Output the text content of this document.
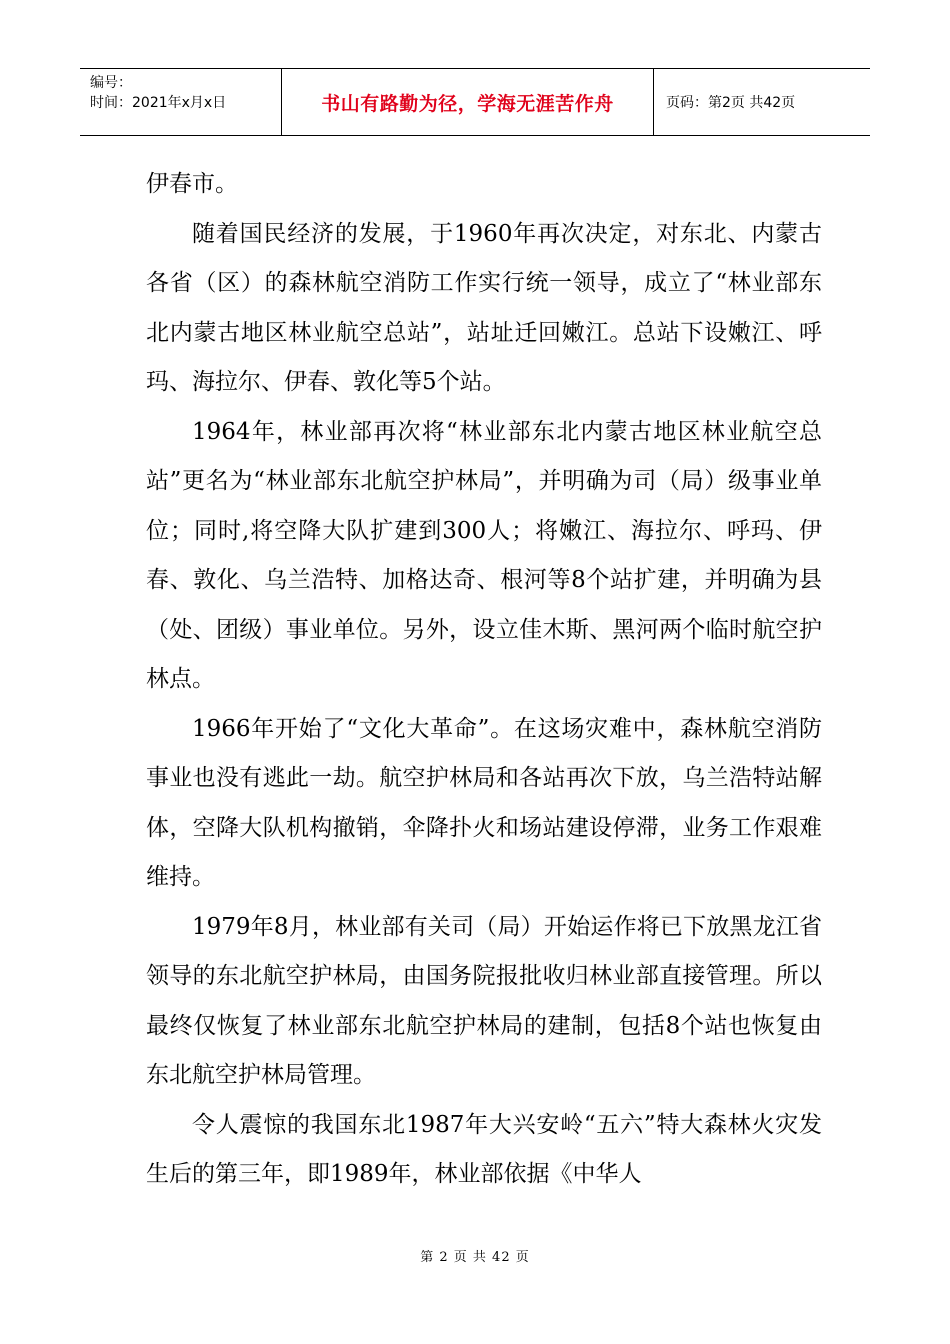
编号：
时间：2021年x月x日	书山有路勤为径，学海无涯苦作舟	页码：第2页 共42页

伊春市。

随着国民经济的发展，于1960年再次决定，对东北、内蒙古各省（区）的森林航空消防工作实行统一领导，成立了“林业部东北内蒙古地区林业航空总站”，站址迁回嫩江。总站下设嫩江、呼玛、海拉尔、伊春、敦化等5个站。

1964年，林业部再次将“林业部东北内蒙古地区林业航空总站”更名为“林业部东北航空护林局”，并明确为司（局）级事业单位；同时,将空降大队扩建到300人；将嫩江、海拉尔、呼玛、伊春、敦化、乌兰浩特、加格达奇、根河等8个站扩建，并明确为县（处、团级）事业单位。另外，设立佳木斯、黑河两个临时航空护林点。

1966年开始了“文化大革命”。在这场灾难中，森林航空消防事业也没有逃此一劫。航空护林局和各站再次下放，乌兰浩特站解体，空降大队机构撤销，伞降扑火和场站建设停滞，业务工作艰难维持。

1979年8月，林业部有关司（局）开始运作将已下放黑龙江省领导的东北航空护林局，由国务院报批收归林业部直接管理。所以最终仅恢复了林业部东北航空护林局的建制，包括8个站也恢复由东北航空护林局管理。

令人震惊的我国东北1987年大兴安岭“五六”特大森林火灾发生后的第三年，即1989年，林业部依据《中华人

第 2 页 共 42 页
